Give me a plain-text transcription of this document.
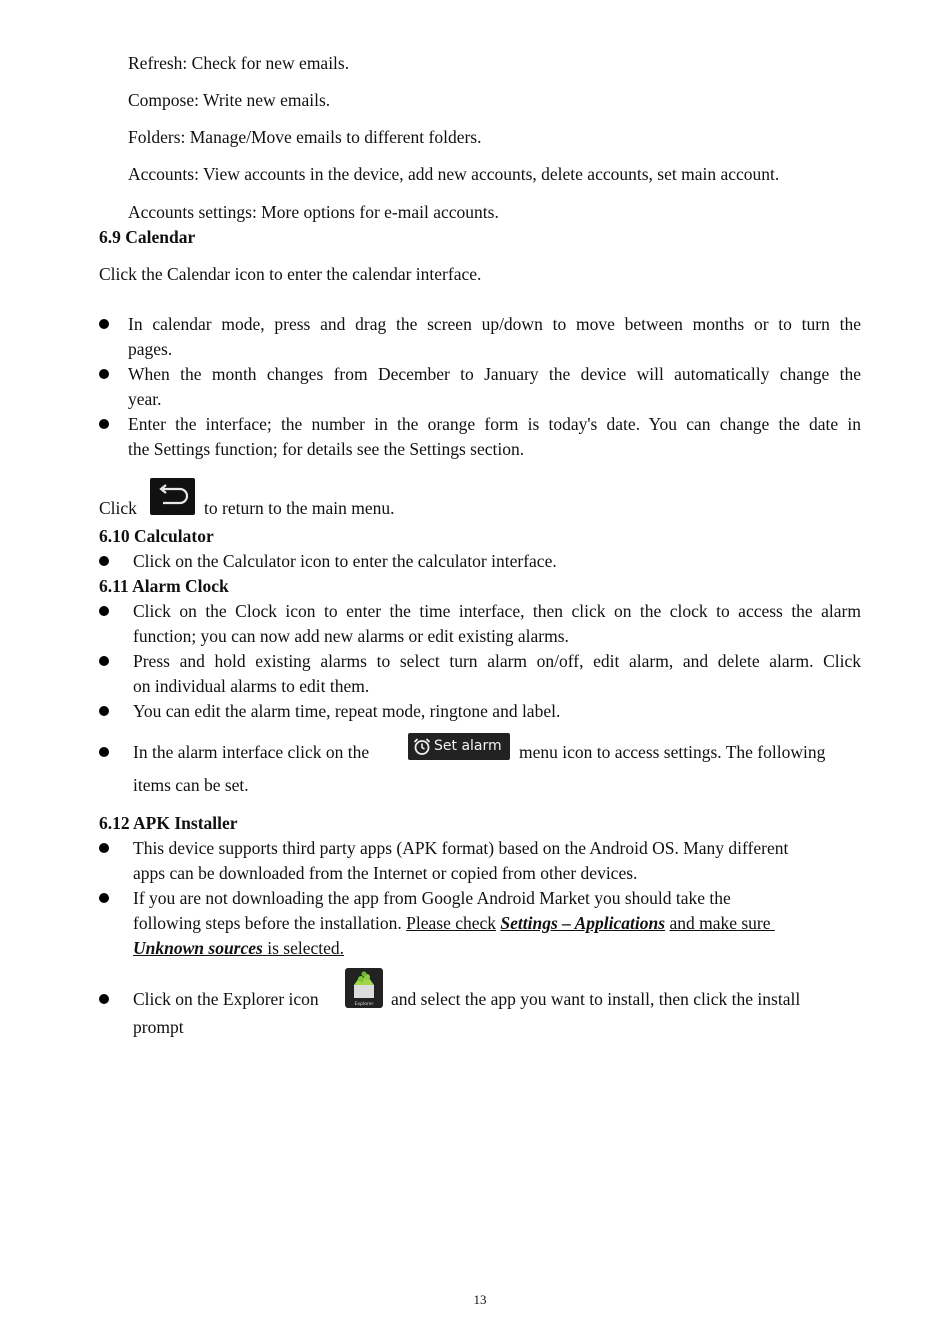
Refresh: Check for new emails.
Compose: Write new emails.
Folders: Manage/Move emails to different folders.
Accounts: View accounts in the device, add new accounts, delete accounts, set main account.
Accounts settings: More options for e-mail accounts.
6.9 Calendar
Click the Calendar icon to enter the calendar interface.
In calendar mode, press and drag the screen up/down to move between months or to turn the
pages.
When the month changes from December to January the device will automatically change the
year.
Enter the interface; the number in the orange form is today's date. You can change the date in
the Settings function; for details see the Settings section.
Click	to return to the main menu.
6.10 Calculator
Click on the Calculator icon to enter the calculator interface.
6.11 Alarm Clock
Click on the Clock icon to enter the time interface, then click on the clock to access the alarm
function; you can now add new alarms or edit existing alarms.
Press and hold existing alarms to select turn alarm on/off, edit alarm, and delete alarm. Click
on individual alarms to edit them.
You can edit the alarm time, repeat mode, ringtone and label.
In the alarm interface click on the	Set alarm menu icon to access settings. The following
items can be set.
6.12 APK Installer
This device supports third party apps (APK format) based on the Android OS. Many different
apps can be downloaded from the Internet or copied from other devices.
If you are not downloading the app from Google Android Market you should take the
following steps before the installation. Please check Settings – Applications and make sure
Unknown sources is selected.
Click on the Explorer icon	Explorer and select the app you want to install, then click the install
prompt
13
